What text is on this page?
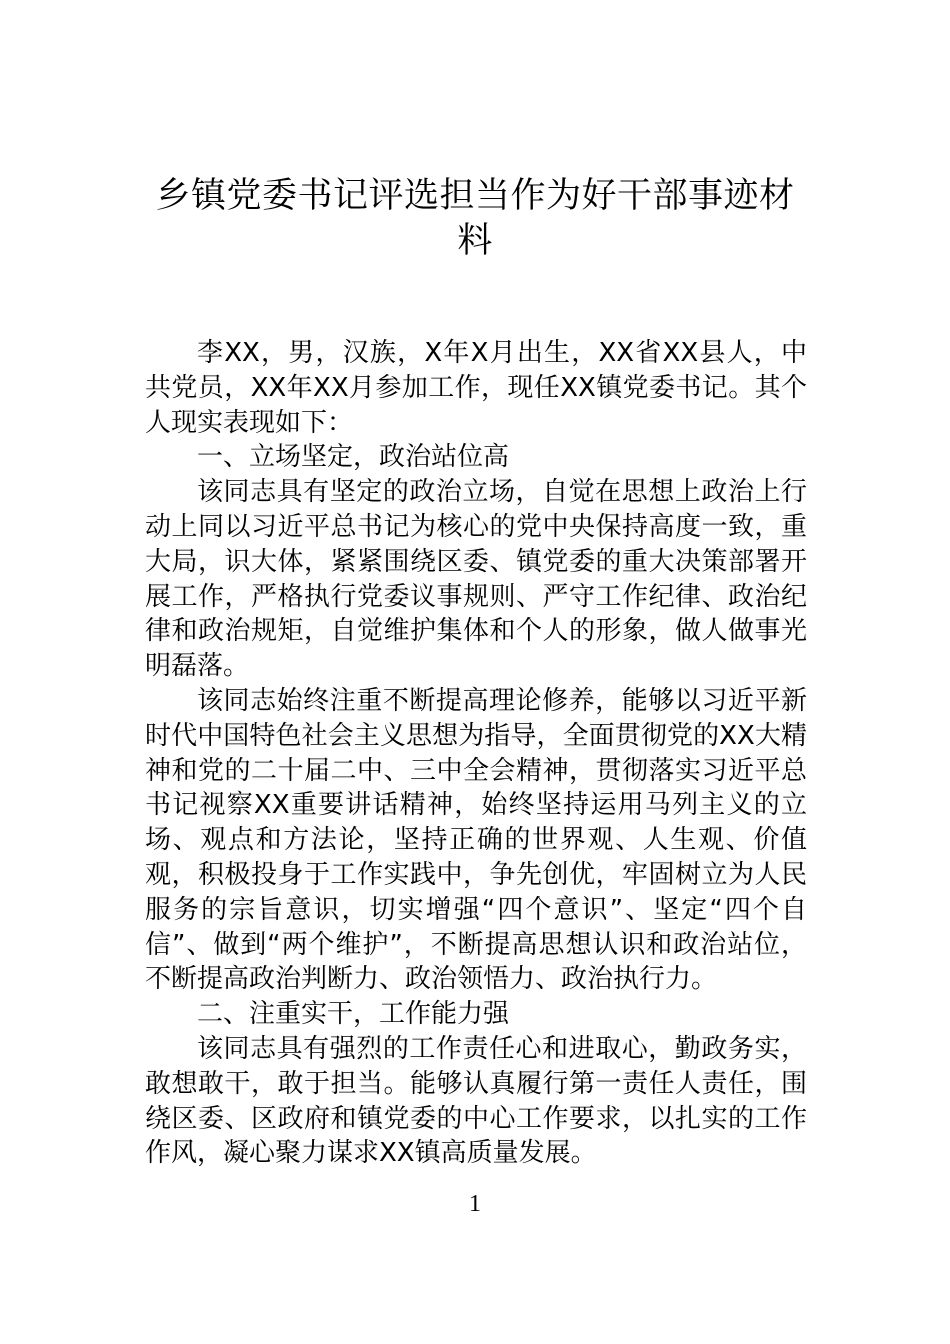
乡镇党委书记评选担当作为好干部事迹材
料

李XX，男，汉族，X年X月出生，XX省XX县人，中共党员，XX年XX月参加工作，现任XX镇党委书记。其个人现实表现如下：

一、立场坚定，政治站位高

该同志具有坚定的政治立场，自觉在思想上政治上行动上同以习近平总书记为核心的党中央保持高度一致，重大局，识大体，紧紧围绕区委、镇党委的重大决策部署开展工作，严格执行党委议事规则、严守工作纪律、政治纪律和政治规矩，自觉维护集体和个人的形象，做人做事光明磊落。

该同志始终注重不断提高理论修养，能够以习近平新时代中国特色社会主义思想为指导，全面贯彻党的XX大精神和党的二十届二中、三中全会精神，贯彻落实习近平总书记视察XX重要讲话精神，始终坚持运用马列主义的立场、观点和方法论，坚持正确的世界观、人生观、价值观，积极投身于工作实践中，争先创优，牢固树立为人民服务的宗旨意识，切实增强“四个意识”、坚定“四个自信”、做到“两个维护”，不断提高思想认识和政治站位，不断提高政治判断力、政治领悟力、政治执行力。

二、注重实干，工作能力强

该同志具有强烈的工作责任心和进取心，勤政务实，敢想敢干，敢于担当。能够认真履行第一责任人责任，围绕区委、区政府和镇党委的中心工作要求，以扎实的工作作风，凝心聚力谋求XX镇高质量发展。

1
